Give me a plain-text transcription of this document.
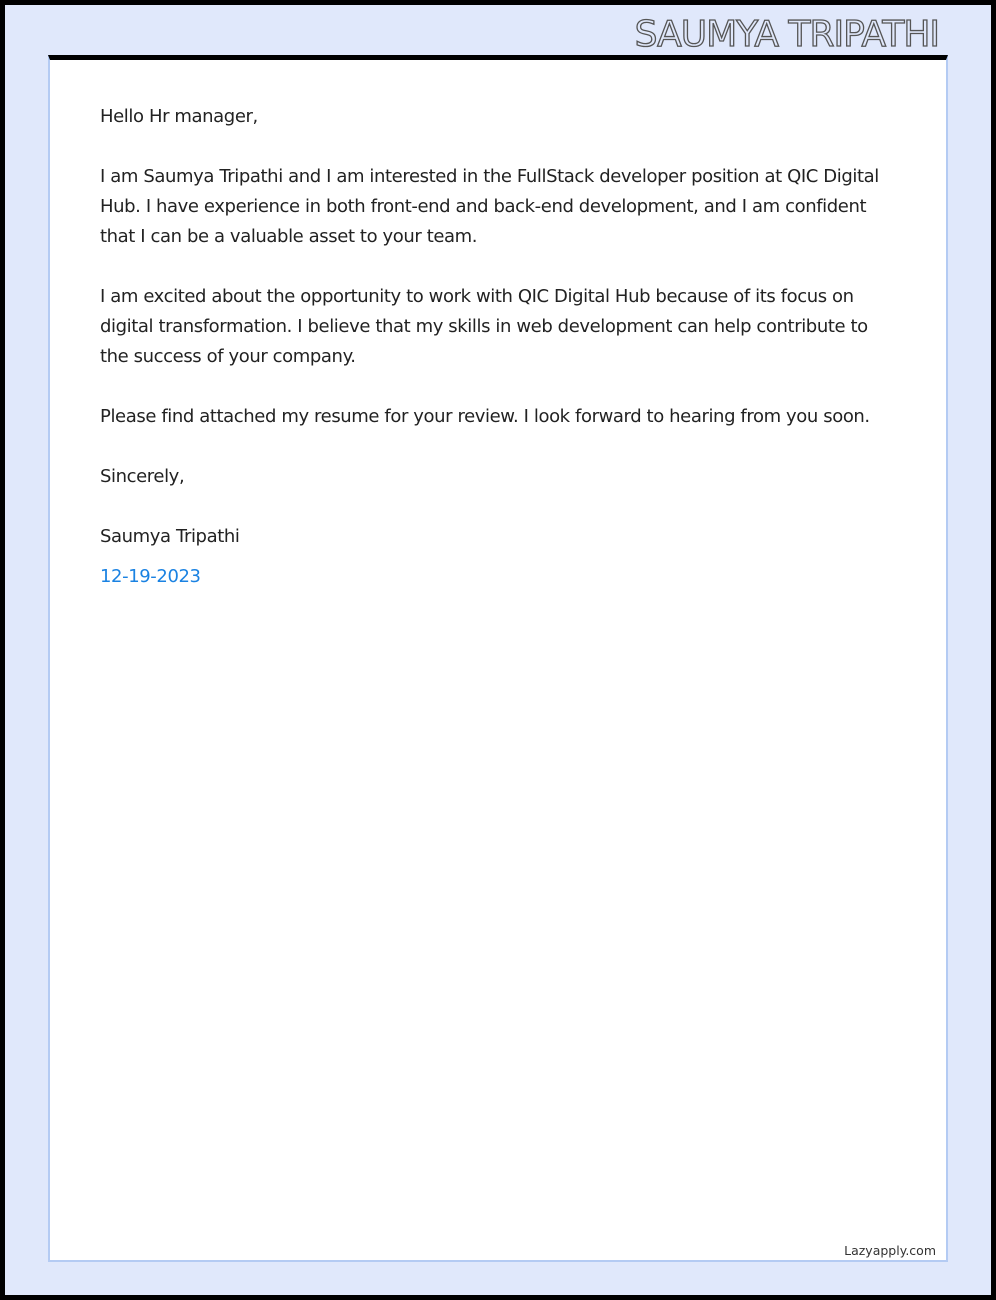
SAUMYA TRIPATHI

Hello Hr manager,

I am Saumya Tripathi and I am interested in the FullStack developer position at QIC Digital Hub. I have experience in both front-end and back-end development, and I am confident that I can be a valuable asset to your team.

I am excited about the opportunity to work with QIC Digital Hub because of its focus on digital transformation. I believe that my skills in web development can help contribute to the success of your company.

Please find attached my resume for your review. I look forward to hearing from you soon.

Sincerely,

Saumya Tripathi

12-19-2023

Lazyapply.com
